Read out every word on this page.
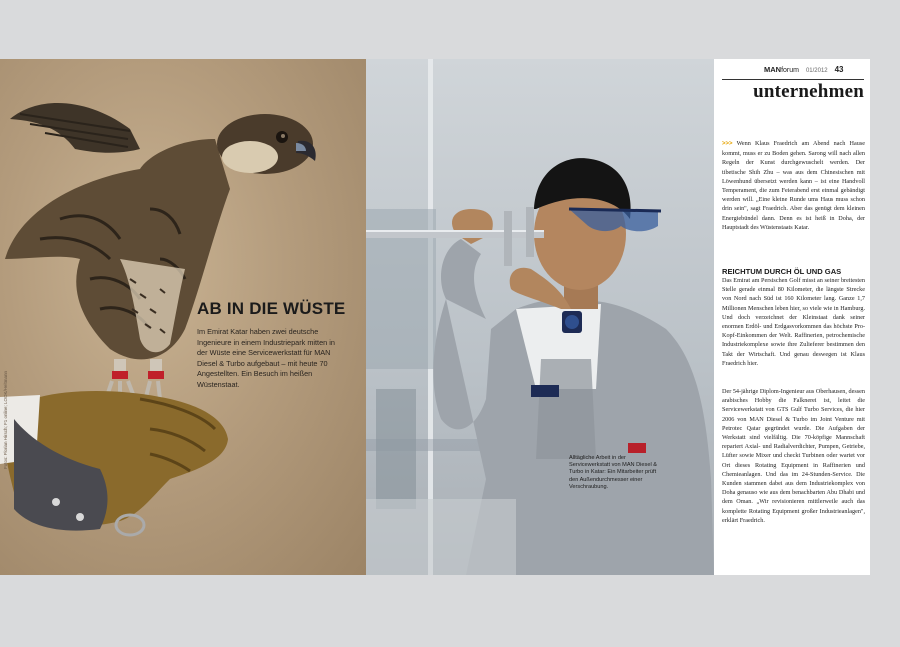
AB IN DIE WÜSTE

Im Emirat Katar haben zwei deutsche Ingenieure in einem Industriepark mitten in der Wüste eine Servicewerkstatt für MAN Diesel & Turbo aufgebaut – mit heute 70 Angestellten. Ein Besuch im heißen Wüstenstaat.

Fotos: Florian Hirsch; F1 online; LOOK/Heltmann	Alltägliche Arbeit in der Servicewerkstatt von MAN Diesel & Turbo in Katar: Ein Mitarbeiter prüft den Außendurchmesser einer Verschraubung.

MANforum 01/2012 43
unternehmen

>>> Wenn Klaus Fraedrich am Abend nach Hause kommt, muss er zu Boden gehen. Sarong will nach allen Regeln der Kunst durchgewuschelt werden. Der tibetische Shih Zhu – was aus dem Chinesischen mit Löwenhund übersetzt werden kann – ist eine Handvoll Temperament, die zum Feierabend erst einmal gebändigt werden will. „Eine kleine Runde ums Haus muss schon drin sein", sagt Fraedrich. Aber das genügt dem kleinen Energiebündel dann. Denn es ist heiß in Doha, der Hauptstadt des Wüstenstaats Katar.

REICHTUM DURCH ÖL UND GAS

Das Emirat am Persischen Golf misst an seiner breitesten Stelle gerade einmal 80 Kilometer, die längste Strecke von Nord nach Süd ist 160 Kilometer lang. Ganze 1,7 Millionen Menschen leben hier, so viele wie in Hamburg. Und doch verzeichnet der Kleinstaat dank seiner enormen Erdöl- und Erdgasvorkommen das höchste Pro-Kopf-Einkommen der Welt. Raffinerien, petrochemische Industriekomplexe sowie ihre Zulieferer bestimmen den Takt der Wirtschaft. Und genau deswegen ist Klaus Fraedrich hier.

Der 54-jährige Diplom-Ingenieur aus Oberhausen, dessen arabisches Hobby die Falknerei ist, leitet die Servicewerkstatt von GTS Gulf Turbo Services, die hier 2006 von MAN Diesel & Turbo im Joint Venture mit Petrotec Qatar gegründet wurde. Die Aufgaben der Werkstatt sind vielfältig. Die 70-köpfige Mannschaft repariert Axial- und Radialverdichter, Pumpen, Getriebe, Lüfter sowie Mixer und checkt Turbinen oder wartet vor Ort dieses Rotating Equipment in Raffinerien und Chemieanlagen. Und das im 24-Stunden-Service. Die Kunden stammen dabei aus dem Industriekomplex von Doha genauso wie aus dem benachbarten Abu Dhabi und dem Oman. „Wir revisionieren mittlerweile auch das komplette Rotating Equipment großer Industrieanlagen", erklärt Fraedrich.
